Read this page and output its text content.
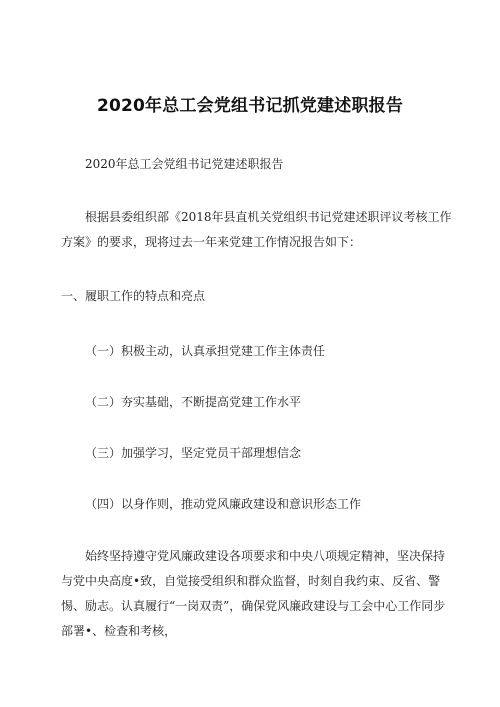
2020年总工会党组书记抓党建述职报告
2020年总工会党组书记党建述职报告
根据县委组织部《2018年县直机关党组织书记党建述职评议考核工作方案》的要求，现将过去一年来党建工作情况报告如下：
一、履职工作的特点和亮点
（一）积极主动，认真承担党建工作主体责任
（二）夯实基础，不断提高党建工作水平
（三）加强学习，坚定党员干部理想信念
（四）以身作则，推动党风廉政建设和意识形态工作
始终坚持遵守党风廉政建设各项要求和中央八项规定精神，坚决保持与党中央高度•致，自觉接受组织和群众监督，时刻自我约束、反省、警惕、励志。认真履行“一岗双责”，确保党风廉政建设与工会中心工作同步部署•、检查和考核，
